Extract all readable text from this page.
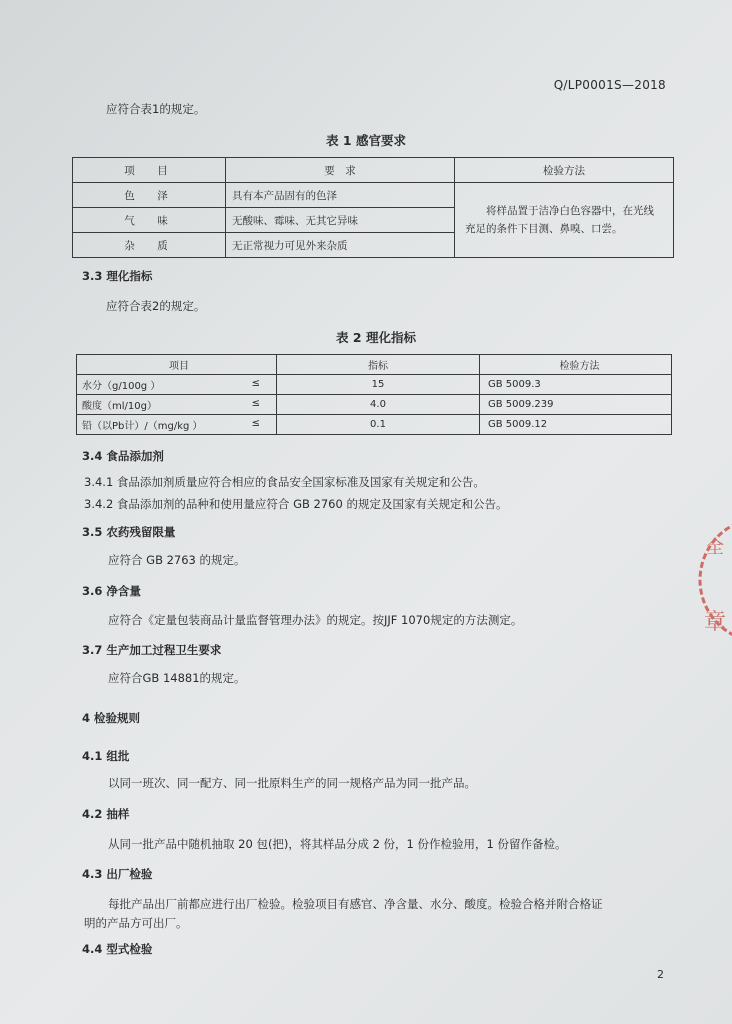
Q/LP0001S—2018
应符合表1的规定。
表 1 感官要求
项　目	要　求	检验方法
色　泽	具有本产品固有的色泽	　　将样品置于洁净白色容器中，在光线充足的条件下目测、鼻嗅、口尝。
气　味	无酸味、霉味、无其它异味	
杂　质	无正常视力可见外来杂质	
3.3 理化指标
应符合表2的规定。
表 2 理化指标
项目	指标	检验方法
水分（g/100g ） ≤	15	GB 5009.3
酸度（ml/10g） ≤	4.0	GB 5009.239
铅（以Pb计）/（mg/kg ） ≤	0.1	GB 5009.12
3.4 食品添加剂
3.4.1 食品添加剂质量应符合相应的食品安全国家标准及国家有关规定和公告。
3.4.2 食品添加剂的品种和使用量应符合 GB 2760 的规定及国家有关规定和公告。
3.5 农药残留限量
应符合 GB 2763 的规定。
3.6 净含量
应符合《定量包装商品计量监督管理办法》的规定。按JJF 1070规定的方法测定。
3.7 生产加工过程卫生要求
应符合GB 14881的规定。
4 检验规则
4.1 组批
以同一班次、同一配方、同一批原料生产的同一规格产品为同一批产品。
4.2 抽样
从同一批产品中随机抽取 20 包(把)，将其样品分成 2 份，1 份作检验用，1 份留作备检。
4.3 出厂检验
每批产品出厂前都应进行出厂检验。检验项目有感官、净含量、水分、酸度。检验合格并附合格证
明的产品方可出厂。
4.4 型式检验
2
全
章
